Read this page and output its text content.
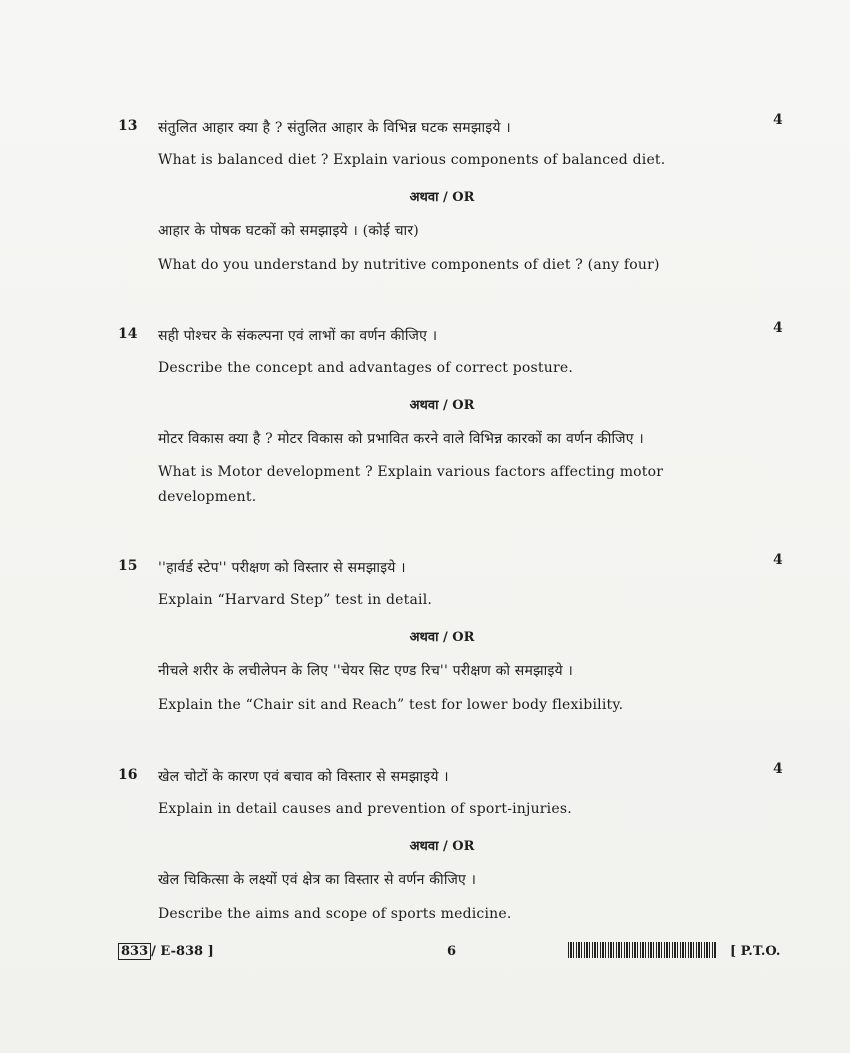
13	4
संतुलित आहार क्या है ? संतुलित आहार के विभिन्न घटक समझाइये ।
What is balanced diet ? Explain various components of balanced diet.
अथवा / OR
आहार के पोषक घटकों को समझाइये । (कोई चार)
What do you understand by nutritive components of diet ? (any four)
14	4
सही पोश्चर के संकल्पना एवं लाभों का वर्णन कीजिए ।
Describe the concept and advantages of correct posture.
अथवा / OR
मोटर विकास क्या है ? मोटर विकास को प्रभावित करने वाले विभिन्न कारकों का वर्णन कीजिए ।
What is Motor development ? Explain various factors affecting motor development.
15	4
''हार्वर्ड स्टेप'' परीक्षण को विस्तार से समझाइये ।
Explain “Harvard Step” test in detail.
अथवा / OR
नीचले शरीर के लचीलेपन के लिए ''चेयर सिट एण्ड रिच'' परीक्षण को समझाइये ।
Explain the “Chair sit and Reach” test for lower body flexibility.
16	4
खेल चोटों के कारण एवं बचाव को विस्तार से समझाइये ।
Explain in detail causes and prevention of sport-injuries.
अथवा / OR
खेल चिकित्सा के लक्ष्यों एवं क्षेत्र का विस्तार से वर्णन कीजिए ।
Describe the aims and scope of sports medicine.
833 / E-838 ]	6	[ P.T.O.
